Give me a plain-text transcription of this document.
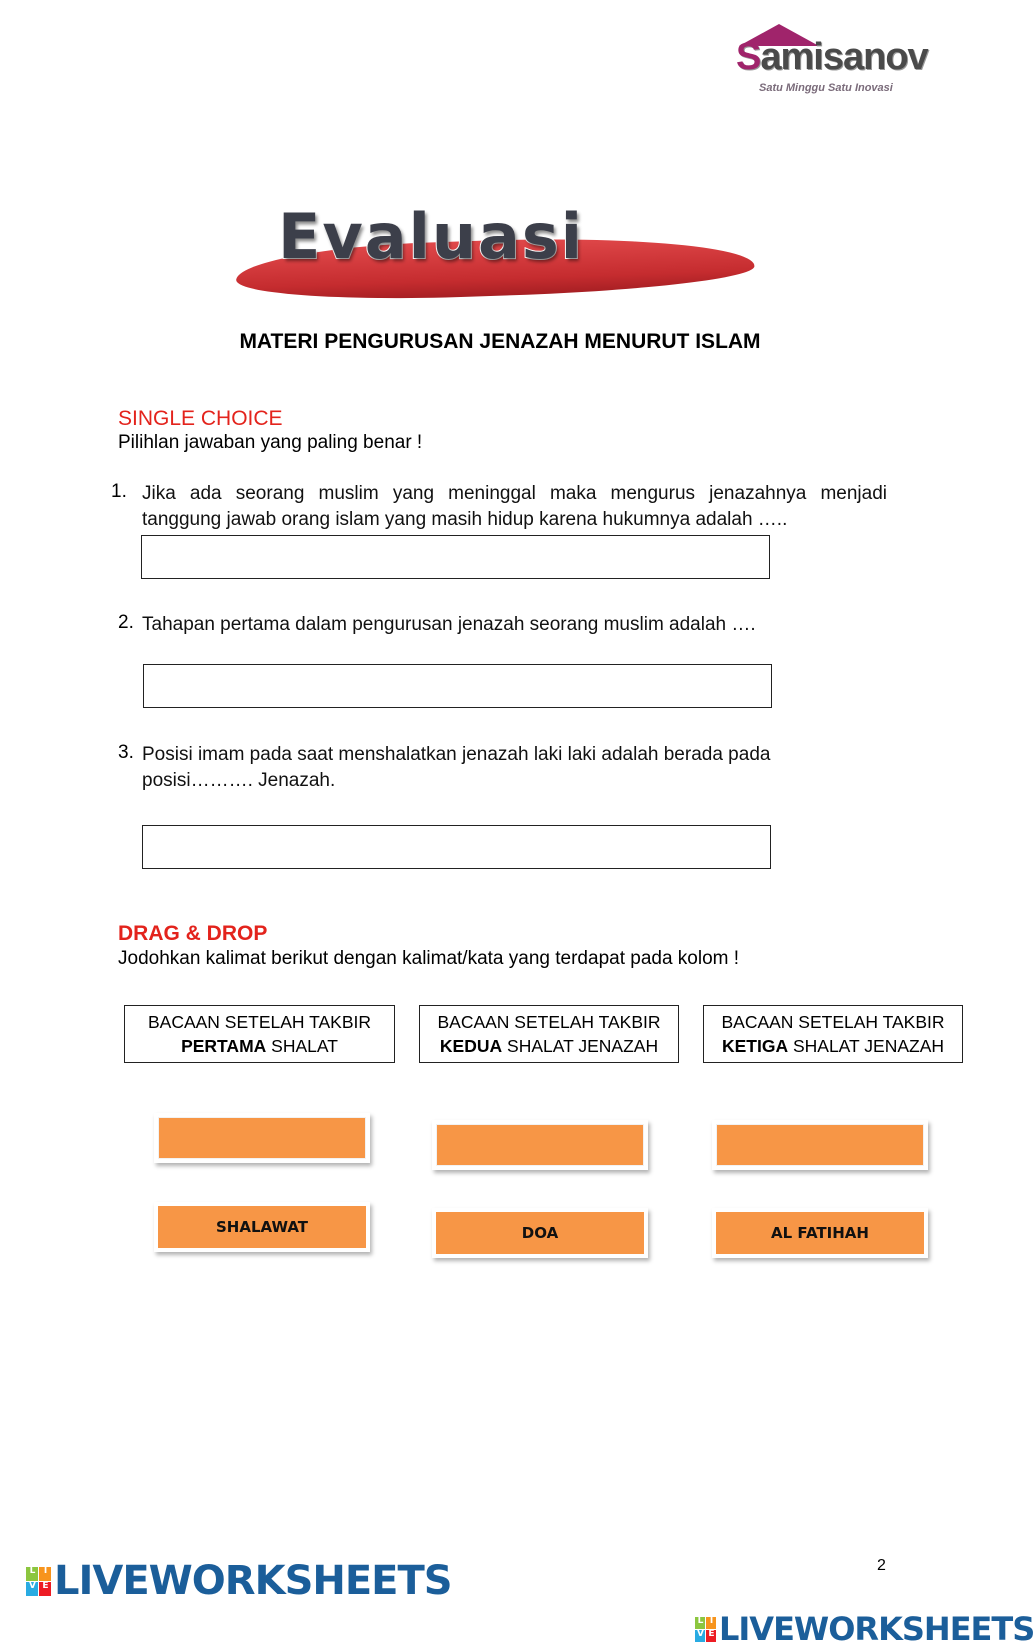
Samisanov
Satu Minggu Satu Inovasi
Evaluasi
MATERI PENGURUSAN JENAZAH MENURUT ISLAM
SINGLE CHOICE
Pilihlan jawaban yang paling benar !
1. Jika ada seorang muslim yang meninggal maka mengurus jenazahnya menjadi
tanggung jawab orang islam yang masih hidup karena hukumnya adalah …..
2. Tahapan pertama dalam pengurusan jenazah seorang muslim adalah ….
3. Posisi imam pada saat menshalatkan jenazah laki laki adalah berada pada
posisi………. Jenazah.
DRAG & DROP
Jodohkan kalimat berikut dengan kalimat/kata yang terdapat pada kolom !
BACAAN SETELAH TAKBIR
PERTAMA SHALAT
BACAAN SETELAH TAKBIR
KEDUA SHALAT JENAZAH
BACAAN SETELAH TAKBIR
KETIGA SHALAT JENAZAH
SHALAWAT	DOA	AL FATIHAH
2
L	I
V E LIVEWORKSHEETS
L I
V E LIVEWORKSHEETS
